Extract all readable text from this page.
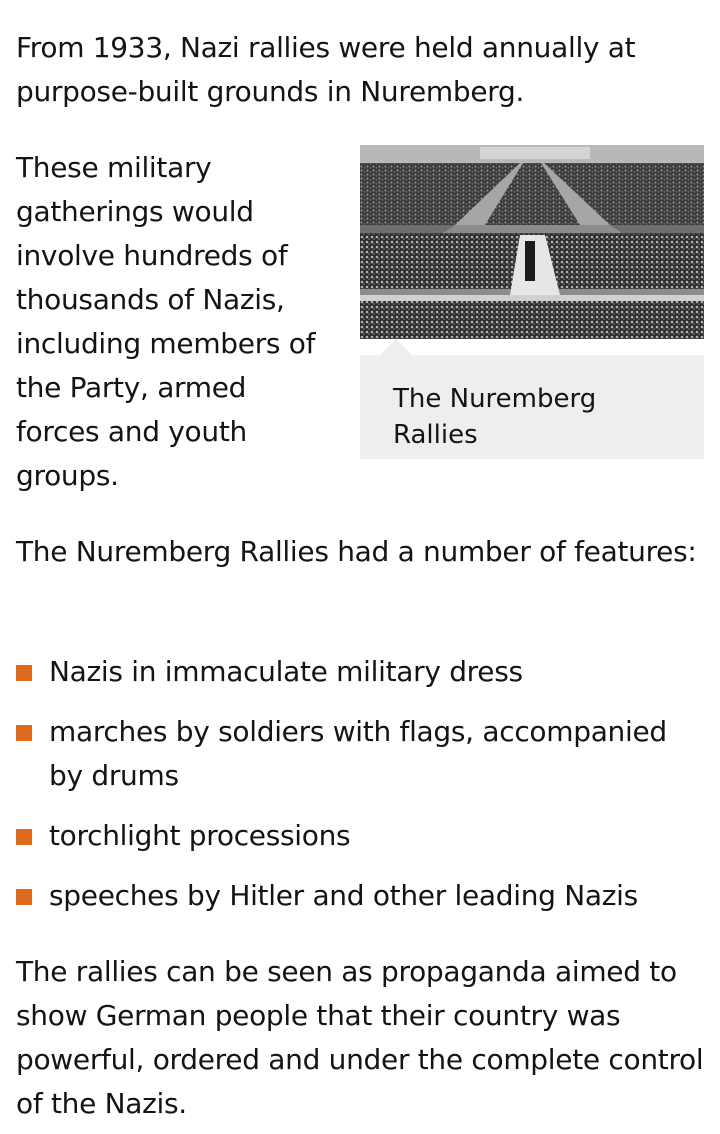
From 1933, Nazi rallies were held annually at purpose-built grounds in Nuremberg.

These military gatherings would involve hundreds of thousands of Nazis, including members of the Party, armed forces and youth groups.

The Nuremberg Rallies

The Nuremberg Rallies had a number of features:

Nazis in immaculate military dress
marches by soldiers with flags, accompanied by drums
torchlight processions
speeches by Hitler and other leading Nazis

The rallies can be seen as propaganda aimed to show German people that their country was powerful, ordered and under the complete control of the Nazis.
